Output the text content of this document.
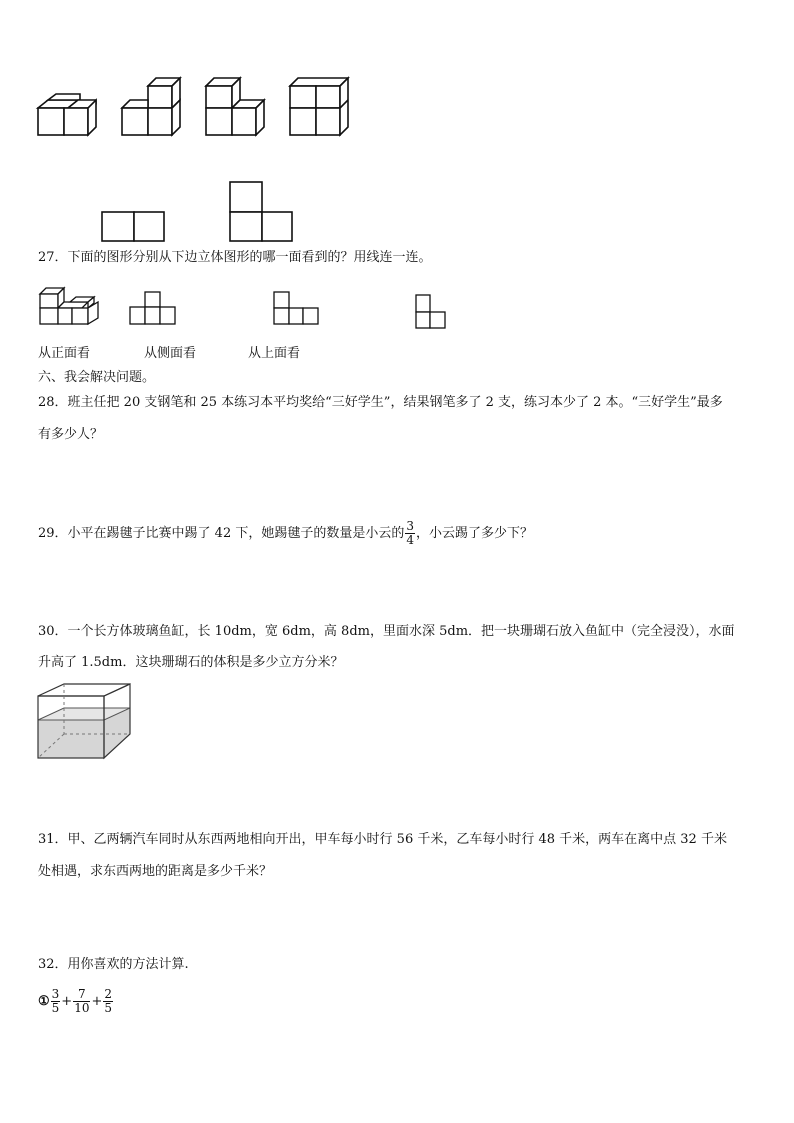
27．下面的图形分别从下边立体图形的哪一面看到的？用线连一连。
从正面看	从侧面看	从上面看
六、我会解决问题。
28．班主任把 20 支钢笔和 25 本练习本平均奖给“三好学生”，结果钢笔多了 2 支，练习本少了 2 本。“三好学生”最多
有多少人？
29．小平在踢毽子比赛中踢了 42 下，她踢毽子的数量是小云的 $\frac{3}{4}$ ，小云踢了多少下？
30．一个长方体玻璃鱼缸，长 10dm，宽 6dm，高 8dm，里面水深 5dm．把一块珊瑚石放入鱼缸中（完全浸没），水面
升高了 1.5dm．这块珊瑚石的体积是多少立方分米？
31．甲、乙两辆汽车同时从东西两地相向开出，甲车每小时行 56 千米，乙车每小时行 48 千米，两车在离中点 32 千米
处相遇，求东西两地的距离是多少千米？
32．用你喜欢的方法计算.
① $\frac{3}{5} + \frac{7}{10} + \frac{2}{5}$
